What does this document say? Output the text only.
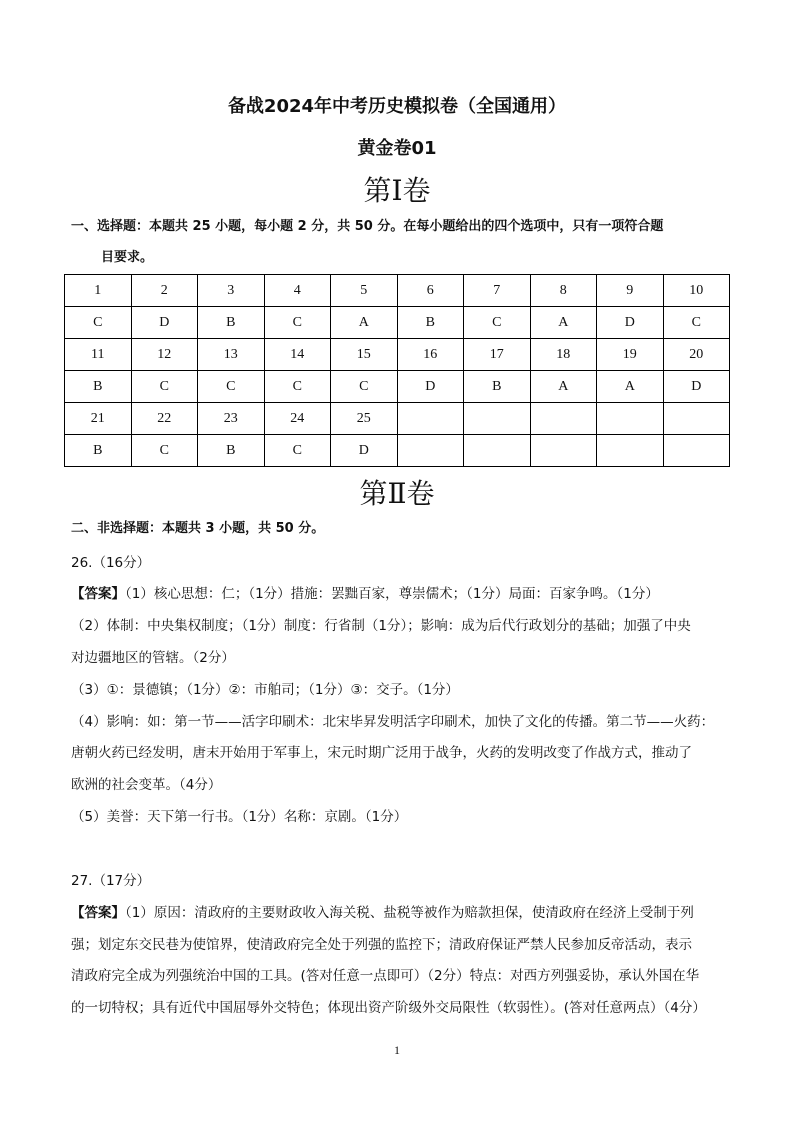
备战2024年中考历史模拟卷（全国通用）
黄金卷01
第Ⅰ卷
一、选择题：本题共 25 小题，每小题 2 分，共 50 分。在每小题给出的四个选项中，只有一项符合题
目要求。
1	2	3	4	5	6	7	8	9	10
C	D	B	C	A	B	C	A	D	C
11	12	13	14	15	16	17	18	19	20
B	C	C	C	C	D	B	A	A	D
21	22	23	24	25					
B	C	B	C	D					
第Ⅱ卷
二、非选择题：本题共 3 小题，共 50 分。
26.（16分）
【答案】（1）核心思想：仁；（1分）措施：罢黜百家，尊崇儒术；（1分）局面：百家争鸣。（1分）
（2）体制：中央集权制度；（1分）制度：行省制（1分）；影响：成为后代行政划分的基础；加强了中央
对边疆地区的管辖。（2分）
（3）①：景德镇；（1分）②：市舶司；（1分）③：交子。（1分）
（4）影响：如：第一节——活字印刷术：北宋毕昇发明活字印刷术，加快了文化的传播。第二节——火药：
唐朝火药已经发明，唐末开始用于军事上，宋元时期广泛用于战争，火药的发明改变了作战方式，推动了
欧洲的社会变革。（4分）
（5）美誉：天下第一行书。（1分）名称：京剧。（1分）
27.（17分）
【答案】（1）原因：清政府的主要财政收入海关税、盐税等被作为赔款担保，使清政府在经济上受制于列
强；划定东交民巷为使馆界，使清政府完全处于列强的监控下；清政府保证严禁人民参加反帝活动，表示
清政府完全成为列强统治中国的工具。(答对任意一点即可）（2分）特点：对西方列强妥协，承认外国在华
的一切特权；具有近代中国屈辱外交特色；体现出资产阶级外交局限性（软弱性）。(答对任意两点）（4分）
1
